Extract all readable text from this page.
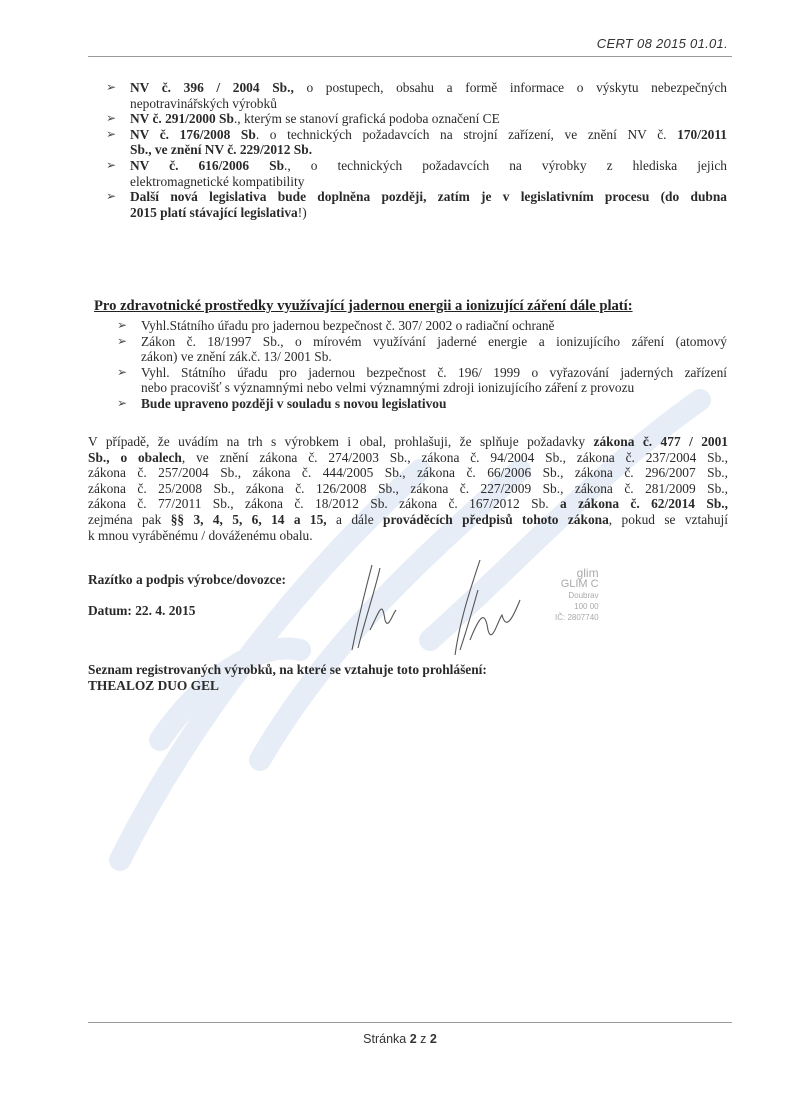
CERT 08 2015 01.01.
➢ NV č. 396 / 2004 Sb., o postupech, obsahu a formě informace o výskytu nebezpečných
nepotravinářských výrobků
➢ NV č. 291/2000 Sb., kterým se stanoví grafická podoba označení CE
➢ NV č. 176/2008 Sb. o technických požadavcích na strojní zařízení, ve znění NV č. 170/2011
Sb., ve znění NV č. 229/2012 Sb.
➢ NV č. 616/2006 Sb., o technických požadavcích na výrobky z hlediska jejich
elektromagnetické kompatibility
➢ Další nová legislativa bude doplněna později, zatím je v legislativním procesu (do dubna
2015 platí stávající legislativa!)
Pro zdravotnické prostředky využívající jadernou energii a ionizující záření dále platí:
➢ Vyhl.Státního úřadu pro jadernou bezpečnost č. 307/ 2002 o radiační ochraně
➢ Zákon č. 18/1997 Sb., o mírovém využívání jaderné energie a ionizujícího záření (atomový
zákon) ve znění zák.č. 13/ 2001 Sb.
➢ Vyhl. Státního úřadu pro jadernou bezpečnost č. 196/ 1999 o vyřazování jaderných zařízení
nebo pracovišť s významnými nebo velmi významnými zdroji ionizujícího záření z provozu
➢ Bude upraveno později v souladu s novou legislativou
V případě, že uvádím na trh s výrobkem i obal, prohlašuji, že splňuje požadavky zákona č. 477 / 2001
Sb., o obalech, ve znění zákona č. 274/2003 Sb., zákona č. 94/2004 Sb., zákona č. 237/2004 Sb.,
zákona č. 257/2004 Sb., zákona č. 444/2005 Sb., zákona č. 66/2006 Sb., zákona č. 296/2007 Sb.,
zákona č. 25/2008 Sb., zákona č. 126/2008 Sb., zákona č. 227/2009 Sb., zákona č. 281/2009 Sb.,
zákona č. 77/2011 Sb., zákona č. 18/2012 Sb. zákona č. 167/2012 Sb. a zákona č. 62/2014 Sb.,
zejména pak §§ 3, 4, 5, 6, 14 a 15, a dále prováděcích předpisů tohoto zákona, pokud se vztahují
k mnou vyráběnému / dováženému obalu.
Razítko a podpis výrobce/dovozce:
Datum: 22. 4. 2015
glim
GLIM C
Doubrav
100 00
IČ: 2807740
Seznam registrovaných výrobků, na které se vztahuje toto prohlášení:
THEALOZ DUO GEL
Stránka 2 z 2
